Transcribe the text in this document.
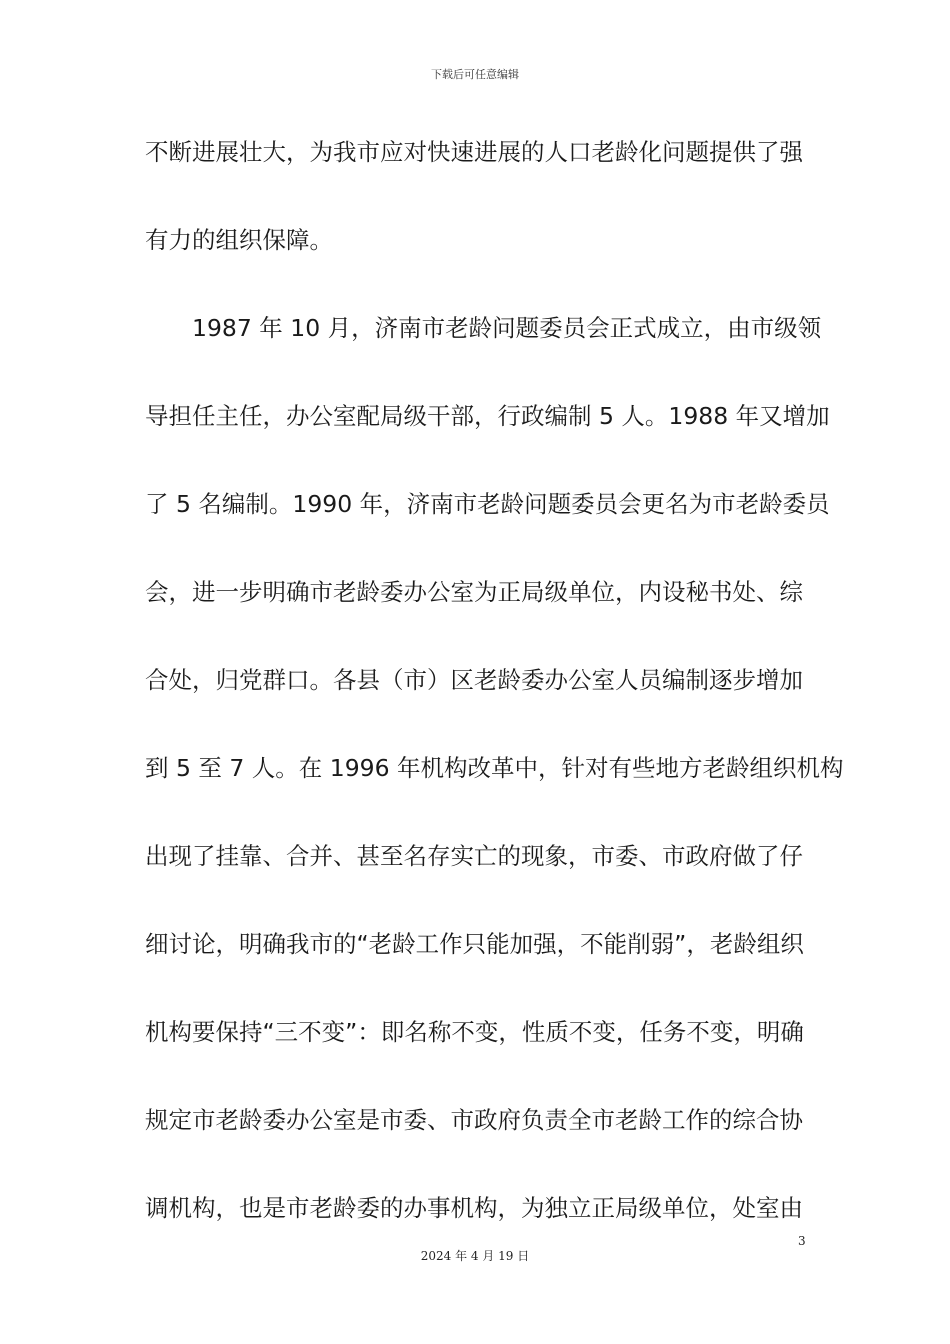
下载后可任意编辑
不断进展壮大，为我市应对快速进展的人口老龄化问题提供了强
有力的组织保障。
1987 年 10 月，济南市老龄问题委员会正式成立，由市级领
导担任主任，办公室配局级干部，行政编制 5 人。1988 年又增加
了 5 名编制。1990 年，济南市老龄问题委员会更名为市老龄委员
会，进一步明确市老龄委办公室为正局级单位，内设秘书处、综
合处，归党群口。各县（市）区老龄委办公室人员编制逐步增加
到 5 至 7 人。在 1996 年机构改革中，针对有些地方老龄组织机构
出现了挂靠、合并、甚至名存实亡的现象，市委、市政府做了仔
细讨论，明确我市的“老龄工作只能加强，不能削弱”，老龄组织
机构要保持“三不变”：即名称不变，性质不变，任务不变，明确
规定市老龄委办公室是市委、市政府负责全市老龄工作的综合协
调机构，也是市老龄委的办事机构，为独立正局级单位，处室由
3
2024 年 4 月 19 日
